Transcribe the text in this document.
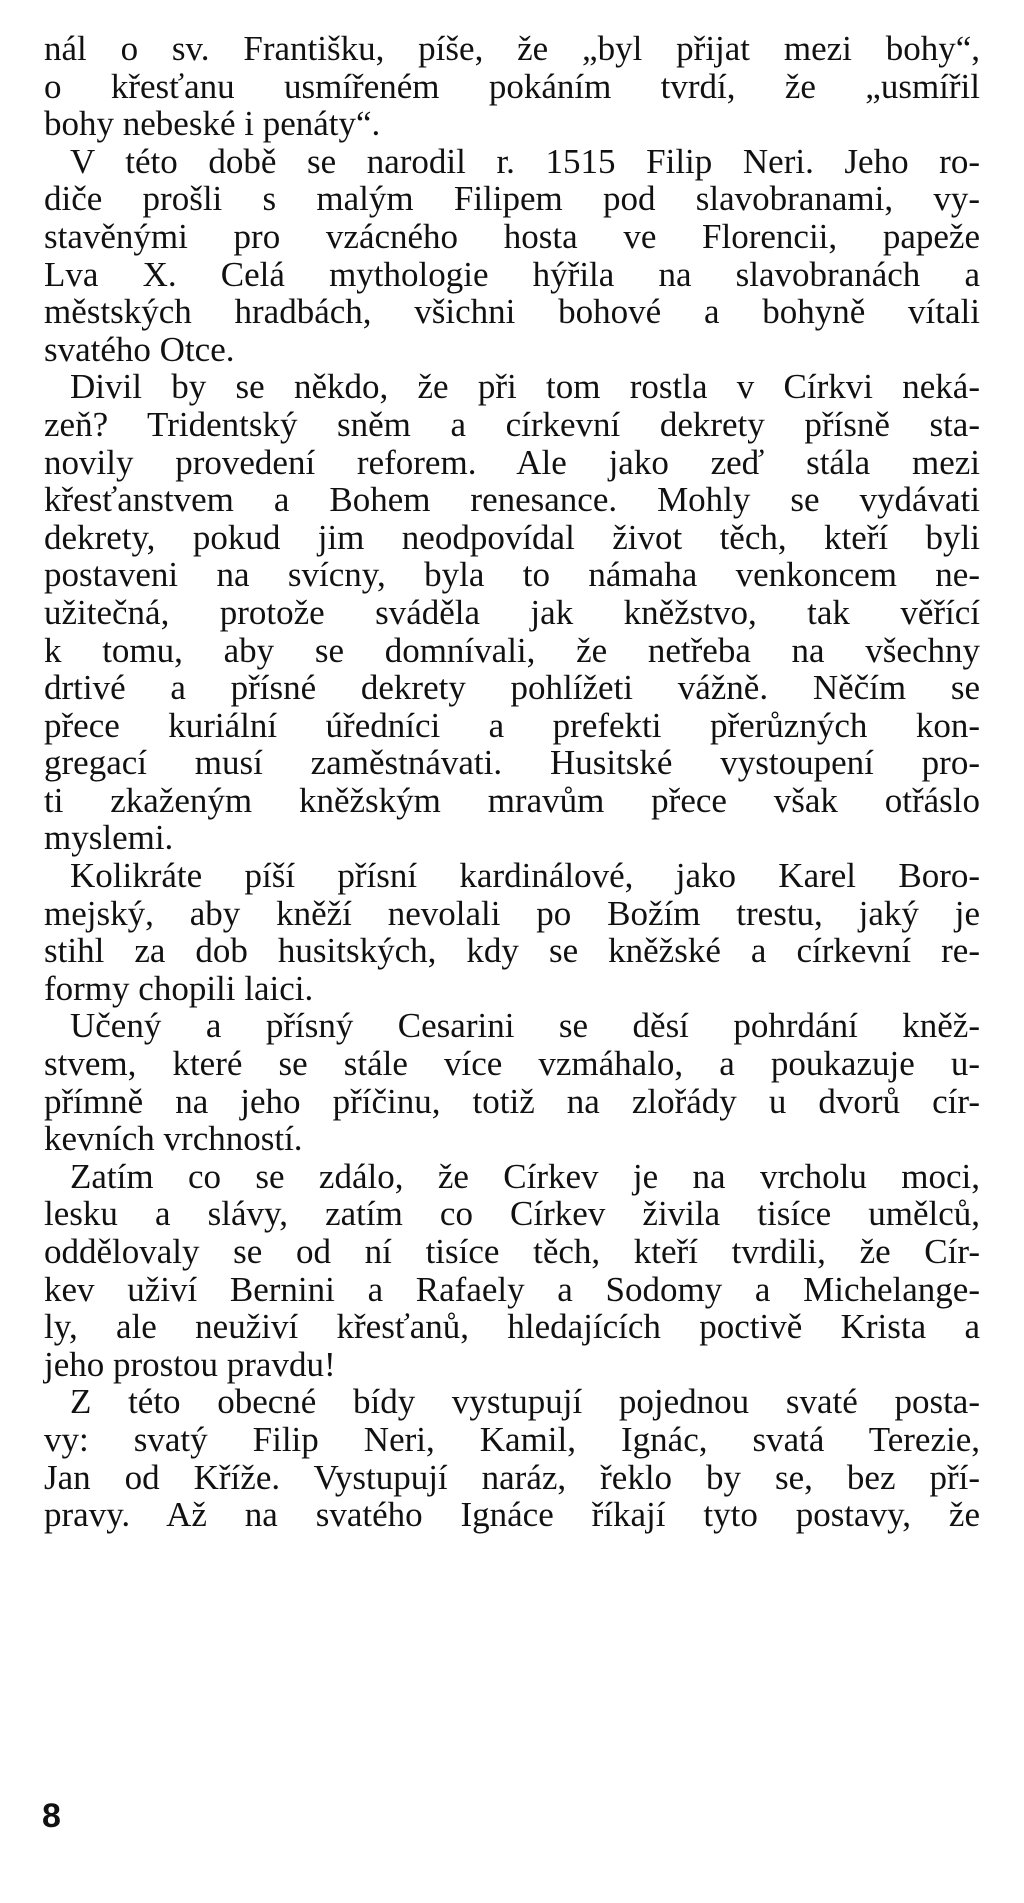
nál o sv. Františku, píše, že „byl přijat mezi bohy“,
o křesťanu usmířeném pokáním tvrdí, že „usmířil
bohy nebeské i penáty“.
V této době se narodil r. 1515 Filip Neri. Jeho ro-
diče prošli s malým Filipem pod slavobranami, vy-
stavěnými pro vzácného hosta ve Florencii, papeže
Lva X. Celá mythologie hýřila na slavobranách a
městských hradbách, všichni bohové a bohyně vítali
svatého Otce.
Divil by se někdo, že při tom rostla v Církvi neká-
zeň? Tridentský sněm a církevní dekrety přísně sta-
novily provedení reforem. Ale jako zeď stála mezi
křesťanstvem a Bohem renesance. Mohly se vydávati
dekrety, pokud jim neodpovídal život těch, kteří byli
postaveni na svícny, byla to námaha venkoncem ne-
užitečná, protože sváděla jak kněžstvo, tak věřící
k tomu, aby se domnívali, že netřeba na všechny
drtivé a přísné dekrety pohlížeti vážně. Něčím se
přece kuriální úředníci a prefekti přerůzných kon-
gregací musí zaměstnávati. Husitské vystoupení pro-
ti zkaženým kněžským mravům přece však otřáslo
myslemi.
Kolikráte píší přísní kardinálové, jako Karel Boro-
mejský, aby kněží nevolali po Božím trestu, jaký je
stihl za dob husitských, kdy se kněžské a církevní re-
formy chopili laici.
Učený a přísný Cesarini se děsí pohrdání kněž-
stvem, které se stále více vzmáhalo, a poukazuje u-
přímně na jeho příčinu, totiž na zlořády u dvorů cír-
kevních vrchností.
Zatím co se zdálo, že Církev je na vrcholu moci,
lesku a slávy, zatím co Církev živila tisíce umělců,
oddělovaly se od ní tisíce těch, kteří tvrdili, že Cír-
kev uživí Bernini a Rafaely a Sodomy a Michelange-
ly, ale neuživí křesťanů, hledajících poctivě Krista a
jeho prostou pravdu!
Z této obecné bídy vystupují pojednou svaté posta-
vy: svatý Filip Neri, Kamil, Ignác, svatá Terezie,
Jan od Kříže. Vystupují naráz, řeklo by se, bez pří-
pravy. Až na svatého Ignáce říkají tyto postavy, že
8
